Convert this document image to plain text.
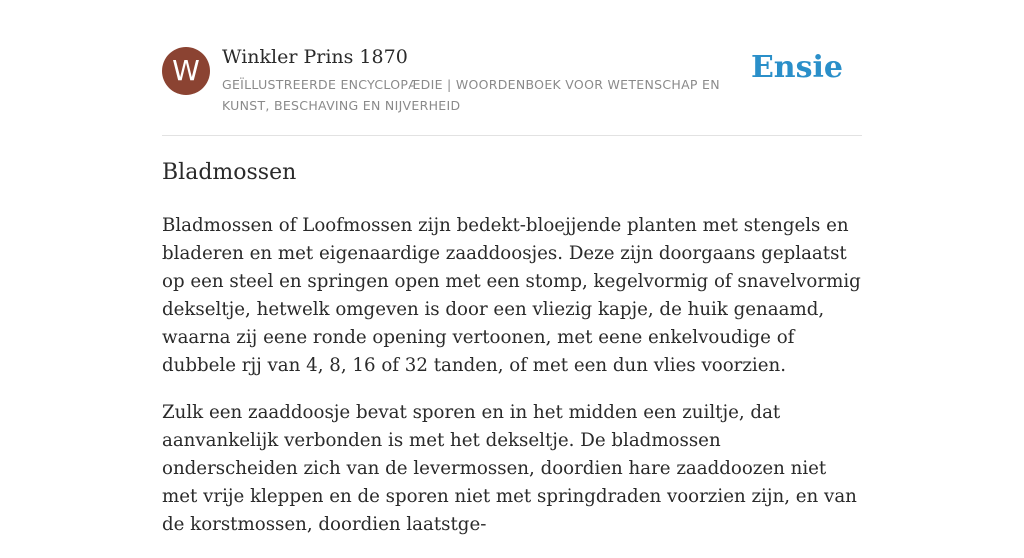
W	Winkler Prins 1870
GEÏLLUSTREERDE ENCYCLOPÆDIE | WOORDENBOEK VOOR WETENSCHAP EN KUNST, BESCHAVING EN NIJVERHEID
Ensie
Bladmossen

Bladmossen of Loofmossen zijn bedekt-bloejjende planten met stengels en bladeren en met eigenaardige zaaddoosjes. Deze zijn doorgaans geplaatst op een steel en springen open met een stomp, kegelvormig of snavelvormig dekseltje, hetwelk omgeven is door een vliezig kapje, de huik genaamd, waarna zij eene ronde opening vertoonen, met eene enkelvoudige of dubbele rjj van 4, 8, 16 of 32 tanden, of met een dun vlies voorzien.

Zulk een zaaddoosje bevat sporen en in het midden een zuiltje, dat aanvankelijk verbonden is met het dekseltje. De bladmossen onderscheiden zich van de levermossen, doordien hare zaaddoozen niet met vrije kleppen en de sporen niet met springdraden voorzien zijn, en van de korstmossen, doordien laatstge-
